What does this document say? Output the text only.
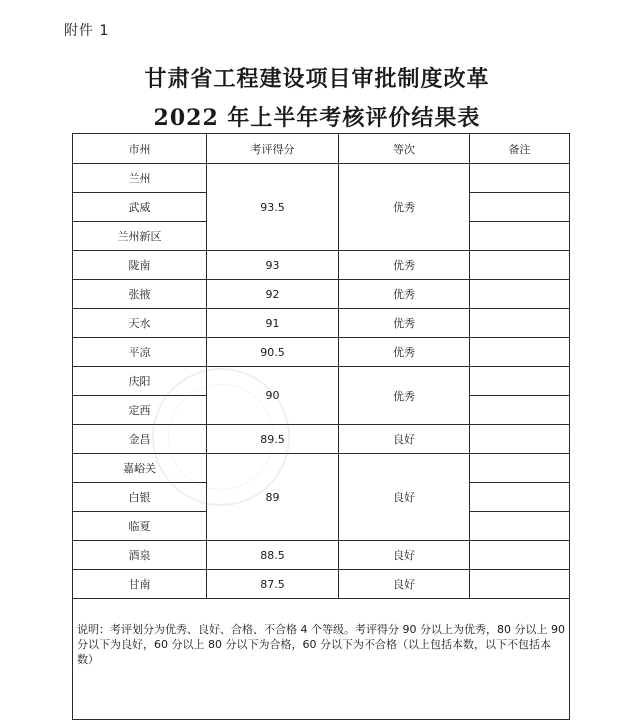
附件 1
甘肃省工程建设项目审批制度改革
2022 年上半年考核评价结果表
市州	考评得分	等次	备注
兰州	93.5	优秀	
武威			
兰州新区			
陇南	93	优秀	
张掖	92	优秀	
天水	91	优秀	
平凉	90.5	优秀	
庆阳	90	优秀	
定西			
金昌	89.5	良好	
嘉峪关	89	良好	
白银			
临夏			
酒泉	88.5	良好	
甘南	87.5	良好	
说明：考评划分为优秀、良好、合格、不合格 4 个等级。考评得分 90 分以上为优秀，80 分以上 90 分以下为良好，60 分以上 80 分以下为合格，60 分以下为不合格（以上包括本数，以下不包括本数）			
